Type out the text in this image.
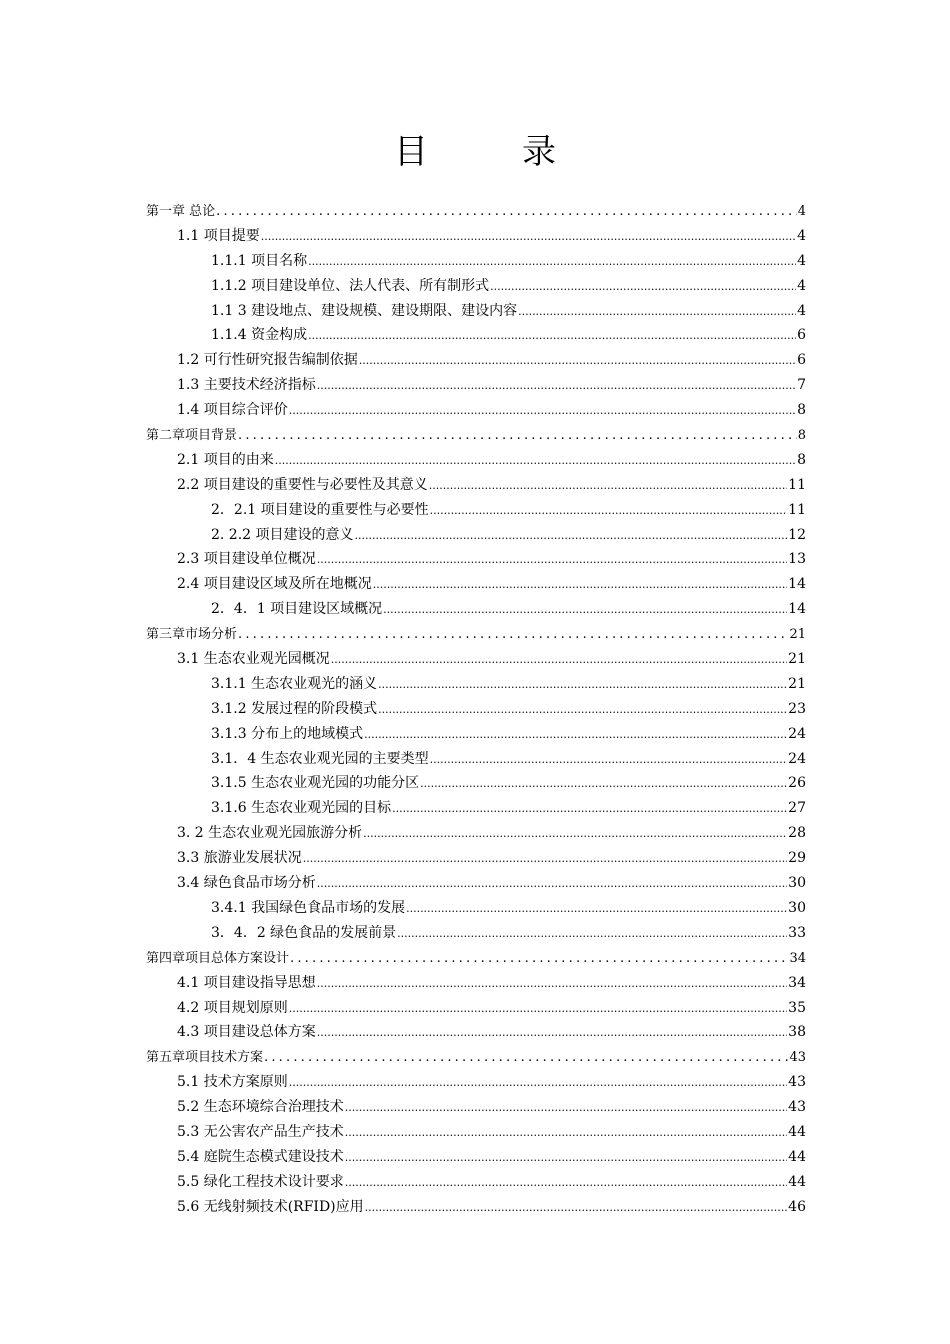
目　录
第一章 总论 .....	4
1.1 项目提要 .....	4
1.1.1 项目名称 .....	4
1.1.2 项目建设单位、法人代表、所有制形式 .....	4
1.1 3 建设地点、建设规模、建设期限、建设内容 .....	4
1.1.4 资金构成 .....	6
1.2 可行性研究报告编制依据 .....	6
1.3 主要技术经济指标 .....	7
1.4 项目综合评价 .....	8
第二章项目背景 .....	8
2.1 项目的由来 .....	8
2.2 项目建设的重要性与必要性及其意义 .....	11
2．2.1 项目建设的重要性与必要性 .....	11
2. 2.2 项目建设的意义 .....	12
2.3 项目建设单位概况 .....	13
2.4 项目建设区域及所在地概况 .....	14
2．4．1 项目建设区域概况 .....	14
第三章市场分析 .....	21
3.1 生态农业观光园概况 .....	21
3.1.1 生态农业观光的涵义 .....	21
3.1.2 发展过程的阶段模式 .....	23
3.1.3 分布上的地域模式 .....	24
3.1．4 生态农业观光园的主要类型 .....	24
3.1.5 生态农业观光园的功能分区 .....	26
3.1.6 生态农业观光园的目标 .....	27
3. 2 生态农业观光园旅游分析 .....	28
3.3 旅游业发展状况 .....	29
3.4 绿色食品市场分析 .....	30
3.4.1 我国绿色食品市场的发展 .....	30
3．4．2 绿色食品的发展前景 .....	33
第四章项目总体方案设计 .....	34
4.1 项目建设指导思想 .....	34
4.2 项目规划原则 .....	35
4.3 项目建设总体方案 .....	38
第五章项目技术方案 .....	43
5.1 技术方案原则 .....	43
5.2 生态环境综合治理技术 .....	43
5.3 无公害农产品生产技术 .....	44
5.4 庭院生态模式建设技术 .....	44
5.5 绿化工程技术设计要求 .....	44
5.6 无线射频技术(RFID)应用 .....	46
